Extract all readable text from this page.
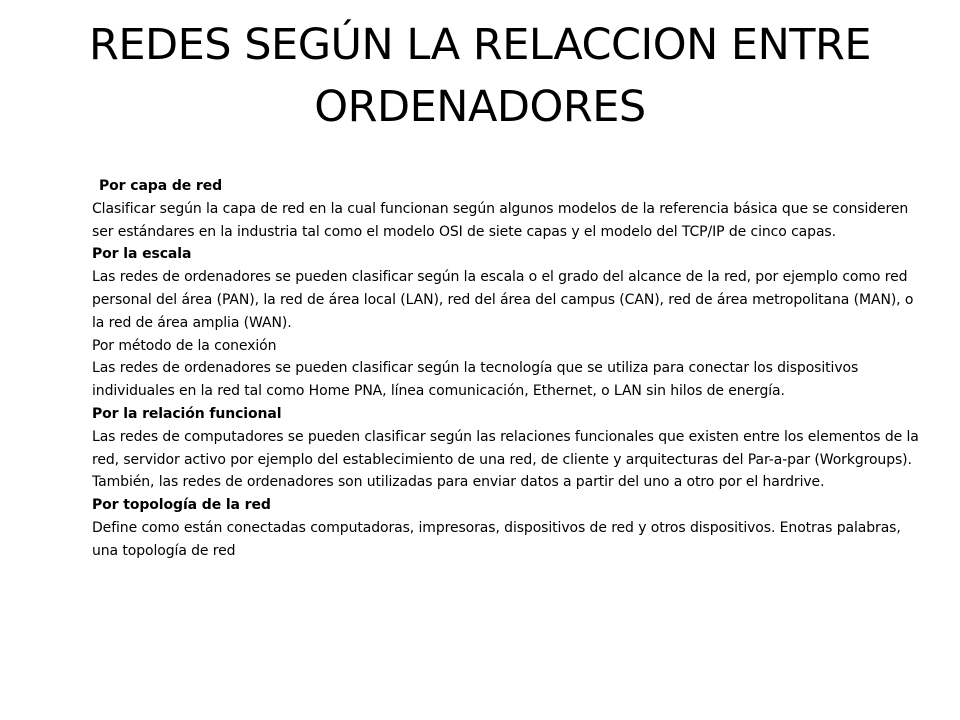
REDES SEGÚN LA RELACCION ENTRE
ORDENADORES
Por capa de red
Clasificar según la capa de red en la cual funcionan según algunos modelos de la referencia básica que se consideren ser estándares en la industria tal como el modelo OSI de siete capas y el modelo del TCP/IP de cinco capas.
Por la escala
Las redes de ordenadores se pueden clasificar según la escala o el grado del alcance de la red, por ejemplo como red personal del área (PAN), la red de área local (LAN), red del área del campus (CAN), red de área metropolitana (MAN), o la red de área amplia (WAN).
Por método de la conexión
Las redes de ordenadores se pueden clasificar según la tecnología que se utiliza para conectar los dispositivos individuales en la red tal como Home PNA, línea comunicación, Ethernet, o LAN sin hilos de energía.
Por la relación funcional
Las redes de computadores se pueden clasificar según las relaciones funcionales que existen entre los elementos de la red, servidor activo por ejemplo del establecimiento de una red, de cliente y arquitecturas del Par-a-par (Workgroups). También, las redes de ordenadores son utilizadas para enviar datos a partir del uno a otro por el hardrive.
Por topología de la red
Define como están conectadas computadoras, impresoras, dispositivos de red y otros dispositivos. Enotras palabras, una topología de red
